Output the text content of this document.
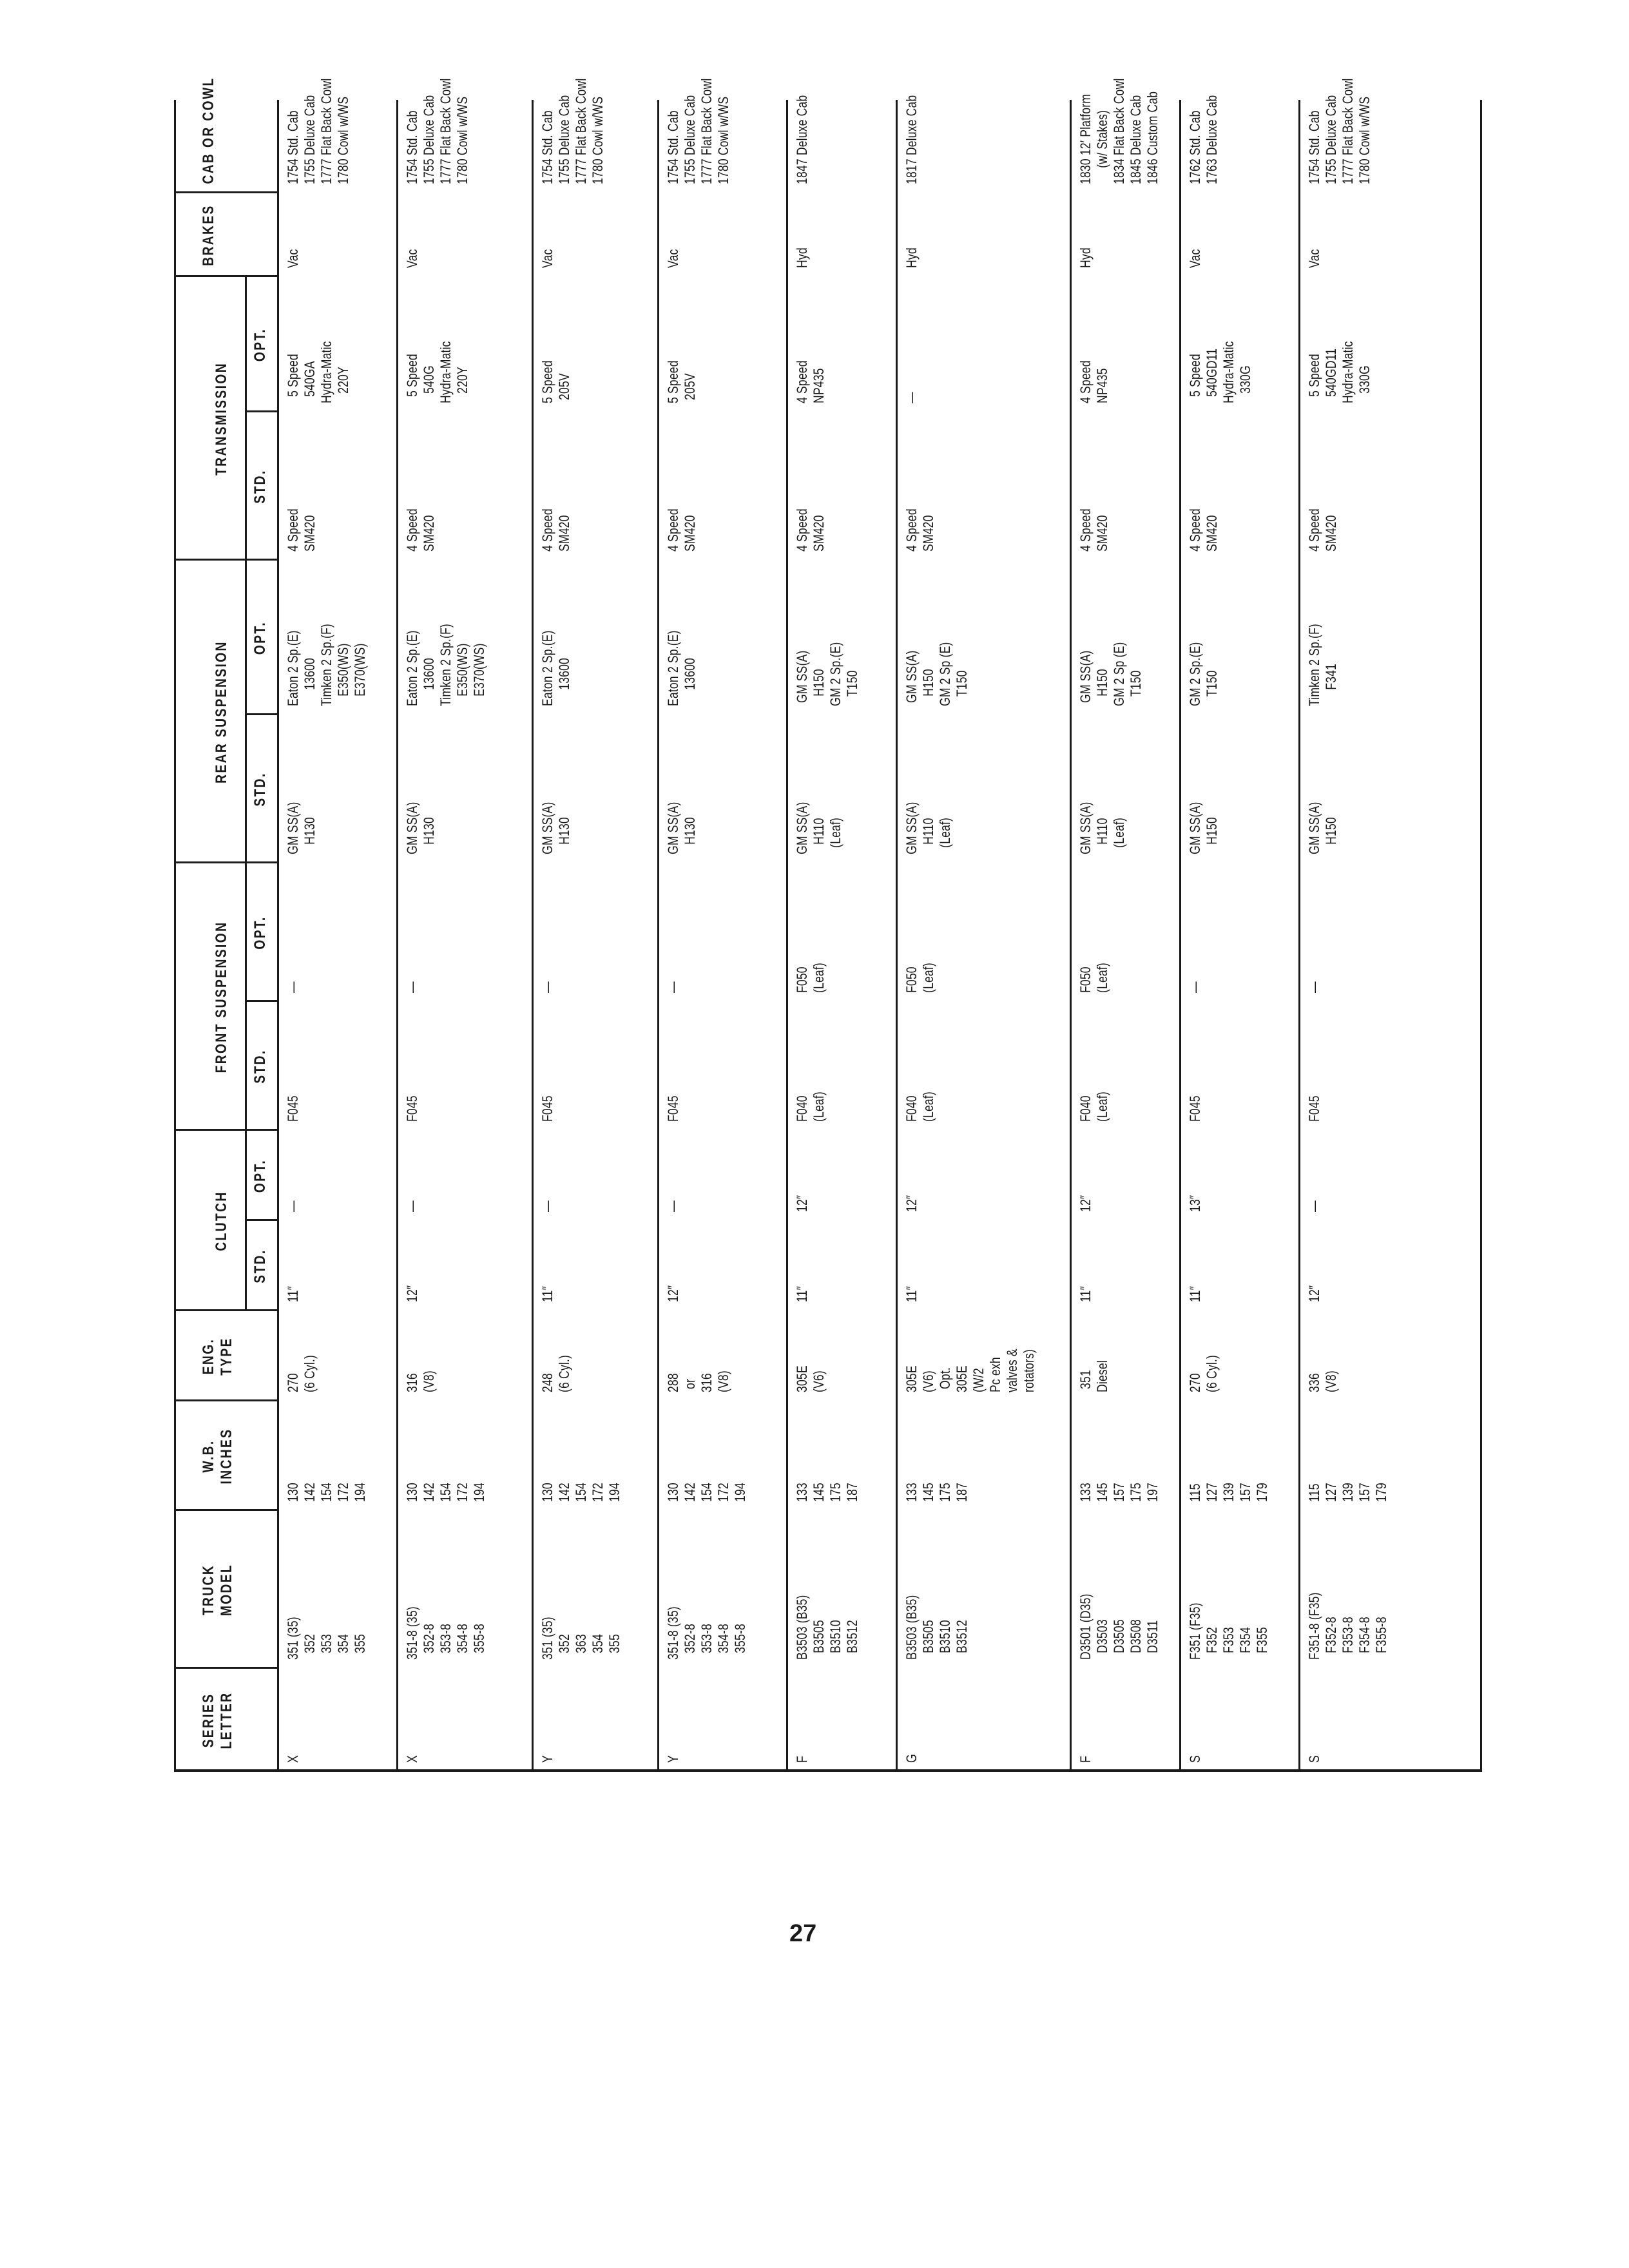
SERIES
LETTER
TRUCK
MODEL
W.B.
INCHES
ENG.
TYPE
CLUTCH
FRONT SUSPENSION
REAR SUSPENSION
TRANSMISSION
BRAKES
CAB OR COWL
STD.
OPT.
STD.
OPT.
STD.
OPT.
STD.
OPT.
X
351 (35)
352
353
354
355
130
142
154
172
194
270
(6 Cyl.)
11″
—
F045
—
GM SS(A)
H130
Eaton 2 Sp.(E)
13600
Timken 2 Sp.(F)
E350(WS)
E370(WS)
4 Speed
SM420
5 Speed
540GA
Hydra-Matic
220Y
Vac
1754 Std. Cab
1755 Deluxe Cab
1777 Flat Back Cowl
1780 Cowl w/WS
X
351-8 (35)
352-8
353-8
354-8
355-8
130
142
154
172
194
316
(V8)
12″
—
F045
—
GM SS(A)
H130
Eaton 2 Sp.(E)
13600
Timken 2 Sp.(F)
E350(WS)
E370(WS)
4 Speed
SM420
5 Speed
540G
Hydra-Matic
220Y
Vac
1754 Std. Cab
1755 Deluxe Cab
1777 Flat Back Cowl
1780 Cowl w/WS
Y
351 (35)
352
363
354
355
130
142
154
172
194
248
(6 Cyl.)
11″
—
F045
—
GM SS(A)
H130
Eaton 2 Sp.(E)
13600
4 Speed
SM420
5 Speed
205V
Vac
1754 Std. Cab
1755 Deluxe Cab
1777 Flat Back Cowl
1780 Cowl w/WS
Y
351-8 (35)
352-8
353-8
354-8
355-8
130
142
154
172
194
288
or
316
(V8)
12″
—
F045
—
GM SS(A)
H130
Eaton 2 Sp.(E)
13600
4 Speed
SM420
5 Speed
205V
Vac
1754 Std. Cab
1755 Deluxe Cab
1777 Flat Back Cowl
1780 Cowl w/WS
F
B3503 (B35)
B3505
B3510
B3512
133
145
175
187
305E
(V6)
11″
12″
F040
(Leaf)
F050
(Leaf)
GM SS(A)
H110
(Leaf)
GM SS(A)
H150
GM 2 Sp.(E)
T150
4 Speed
SM420
4 Speed
NP435
Hyd
1847 Deluxe Cab
G
B3503 (B35)
B3505
B3510
B3512
133
145
175
187
305E
(V6)
Opt.
305E
(W/2
Pc exh
valves &
rotators)
11″
12″
F040
(Leaf)
F050
(Leaf)
GM SS(A)
H110
(Leaf)
GM SS(A)
H150
GM 2 Sp (E)
T150
4 Speed
SM420
—
Hyd
1817 Deluxe Cab
F
D3501 (D35)
D3503
D3505
D3508
D3511
133
145
157
175
197
351
Diesel
11″
12″
F040
(Leaf)
F050
(Leaf)
GM SS(A)
H110
(Leaf)
GM SS(A)
H150
GM 2 Sp (E)
T150
4 Speed
SM420
4 Speed
NP435
Hyd
1830 12′ Platform
(w/ Stakes)
1834 Flat Back Cowl
1845 Deluxe Cab
1846 Custom Cab
S
F351 (F35)
F352
F353
F354
F355
115
127
139
157
179
270
(6 Cyl.)
11″
13″
F045
—
GM SS(A)
H150
GM 2 Sp.(E)
T150
4 Speed
SM420
5 Speed
540GD11
Hydra-Matic
330G
Vac
1762 Std. Cab
1763 Deluxe Cab
S
F351-8 (F35)
F352-8
F353-8
F354-8
F355-8
115
127
139
157
179
336
(V8)
12″
—
F045
—
GM SS(A)
H150
Timken 2 Sp.(F)
F341
4 Speed
SM420
5 Speed
540GD11
Hydra-Matic
330G
Vac
1754 Std. Cab
1755 Deluxe Cab
1777 Flat Back Cowl
1780 Cowl w/WS
27
